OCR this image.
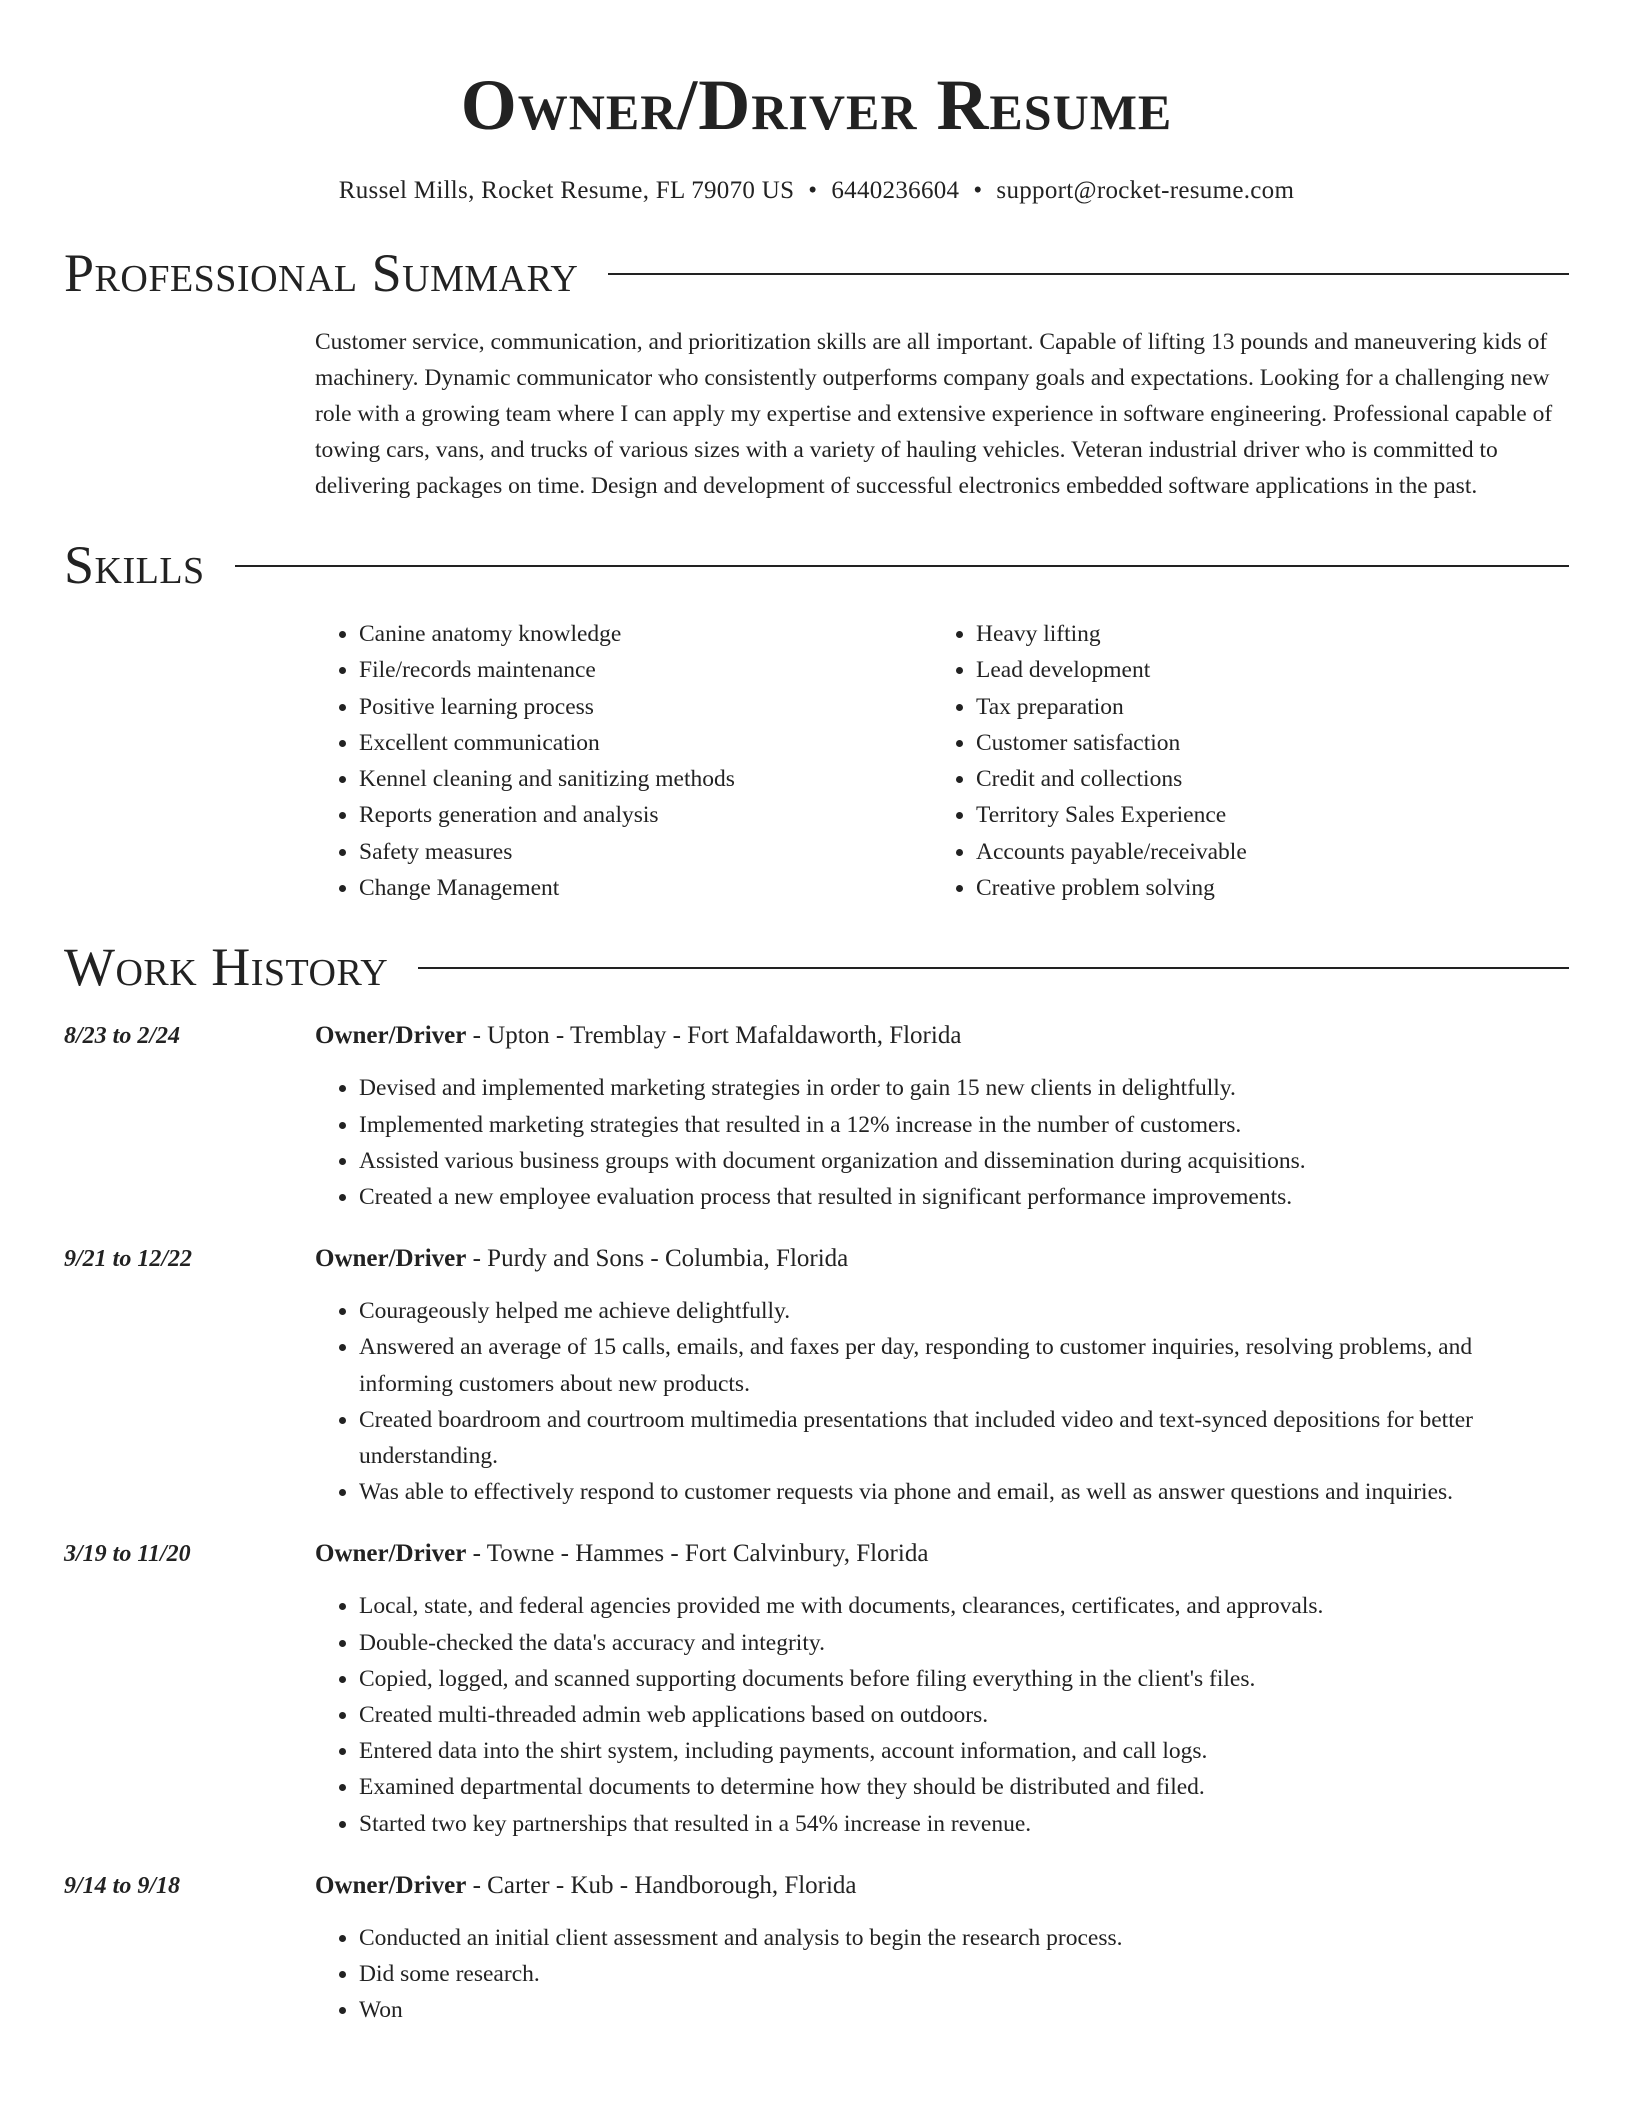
Owner/Driver Resume
Russel Mills, Rocket Resume, FL 79070 US • 6440236604 • support@rocket-resume.com
Professional Summary
Customer service, communication, and prioritization skills are all important. Capable of lifting 13 pounds and maneuvering kids of machinery. Dynamic communicator who consistently outperforms company goals and expectations. Looking for a challenging new role with a growing team where I can apply my expertise and extensive experience in software engineering. Professional capable of towing cars, vans, and trucks of various sizes with a variety of hauling vehicles. Veteran industrial driver who is committed to delivering packages on time. Design and development of successful electronics embedded software applications in the past.
Skills
• Canine anatomy knowledge
• File/records maintenance
• Positive learning process
• Excellent communication
• Kennel cleaning and sanitizing methods
• Reports generation and analysis
• Safety measures
• Change Management
• Heavy lifting
• Lead development
• Tax preparation
• Customer satisfaction
• Credit and collections
• Territory Sales Experience
• Accounts payable/receivable
• Creative problem solving
Work History
8/23 to 2/24	Owner/Driver - Upton - Tremblay - Fort Mafaldaworth, Florida
• Devised and implemented marketing strategies in order to gain 15 new clients in delightfully.
• Implemented marketing strategies that resulted in a 12% increase in the number of customers.
• Assisted various business groups with document organization and dissemination during acquisitions.
• Created a new employee evaluation process that resulted in significant performance improvements.
9/21 to 12/22	Owner/Driver - Purdy and Sons - Columbia, Florida
• Courageously helped me achieve delightfully.
• Answered an average of 15 calls, emails, and faxes per day, responding to customer inquiries, resolving problems, and informing customers about new products.
• Created boardroom and courtroom multimedia presentations that included video and text-synced depositions for better understanding.
• Was able to effectively respond to customer requests via phone and email, as well as answer questions and inquiries.
3/19 to 11/20	Owner/Driver - Towne - Hammes - Fort Calvinbury, Florida
• Local, state, and federal agencies provided me with documents, clearances, certificates, and approvals.
• Double-checked the data's accuracy and integrity.
• Copied, logged, and scanned supporting documents before filing everything in the client's files.
• Created multi-threaded admin web applications based on outdoors.
• Entered data into the shirt system, including payments, account information, and call logs.
• Examined departmental documents to determine how they should be distributed and filed.
• Started two key partnerships that resulted in a 54% increase in revenue.
9/14 to 9/18	Owner/Driver - Carter - Kub - Handborough, Florida
• Conducted an initial client assessment and analysis to begin the research process.
• Did some research.
• Won
